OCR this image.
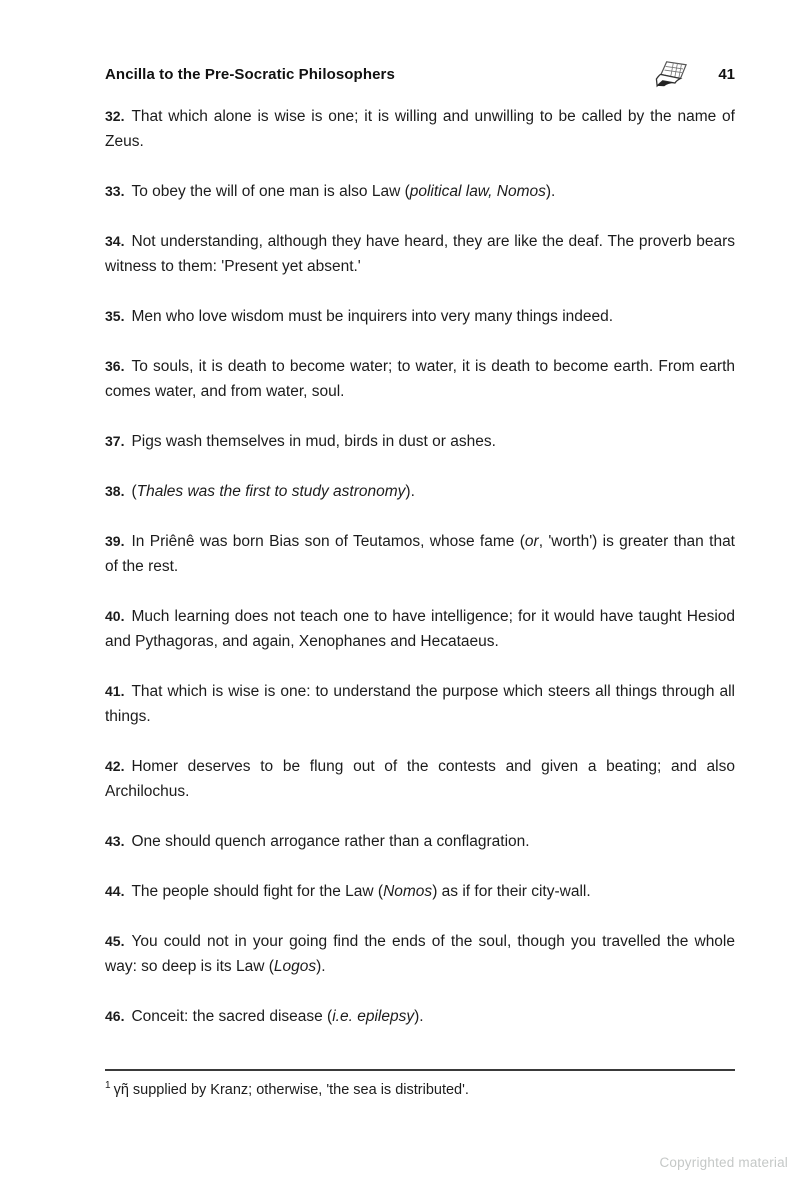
Ancilla to the Pre-Socratic Philosophers	41

32. That which alone is wise is one; it is willing and unwilling to be called by the name of Zeus.

33. To obey the will of one man is also Law (political law, Nomos).

34. Not understanding, although they have heard, they are like the deaf. The proverb bears witness to them: 'Present yet absent.'

35. Men who love wisdom must be inquirers into very many things indeed.

36. To souls, it is death to become water; to water, it is death to become earth. From earth comes water, and from water, soul.

37. Pigs wash themselves in mud, birds in dust or ashes.

38. (Thales was the first to study astronomy).

39. In Priênê was born Bias son of Teutamos, whose fame (or, 'worth') is greater than that of the rest.

40. Much learning does not teach one to have intelligence; for it would have taught Hesiod and Pythagoras, and again, Xenophanes and Hecataeus.

41. That which is wise is one: to understand the purpose which steers all things through all things.

42. Homer deserves to be flung out of the contests and given a beating; and also Archilochus.

43. One should quench arrogance rather than a conflagration.

44. The people should fight for the Law (Nomos) as if for their city-wall.

45. You could not in your going find the ends of the soul, though you travelled the whole way: so deep is its Law (Logos).

46. Conceit: the sacred disease (i.e. epilepsy).

$^1$ γῆ supplied by Kranz; otherwise, 'the sea is distributed'.

Copyrighted material
